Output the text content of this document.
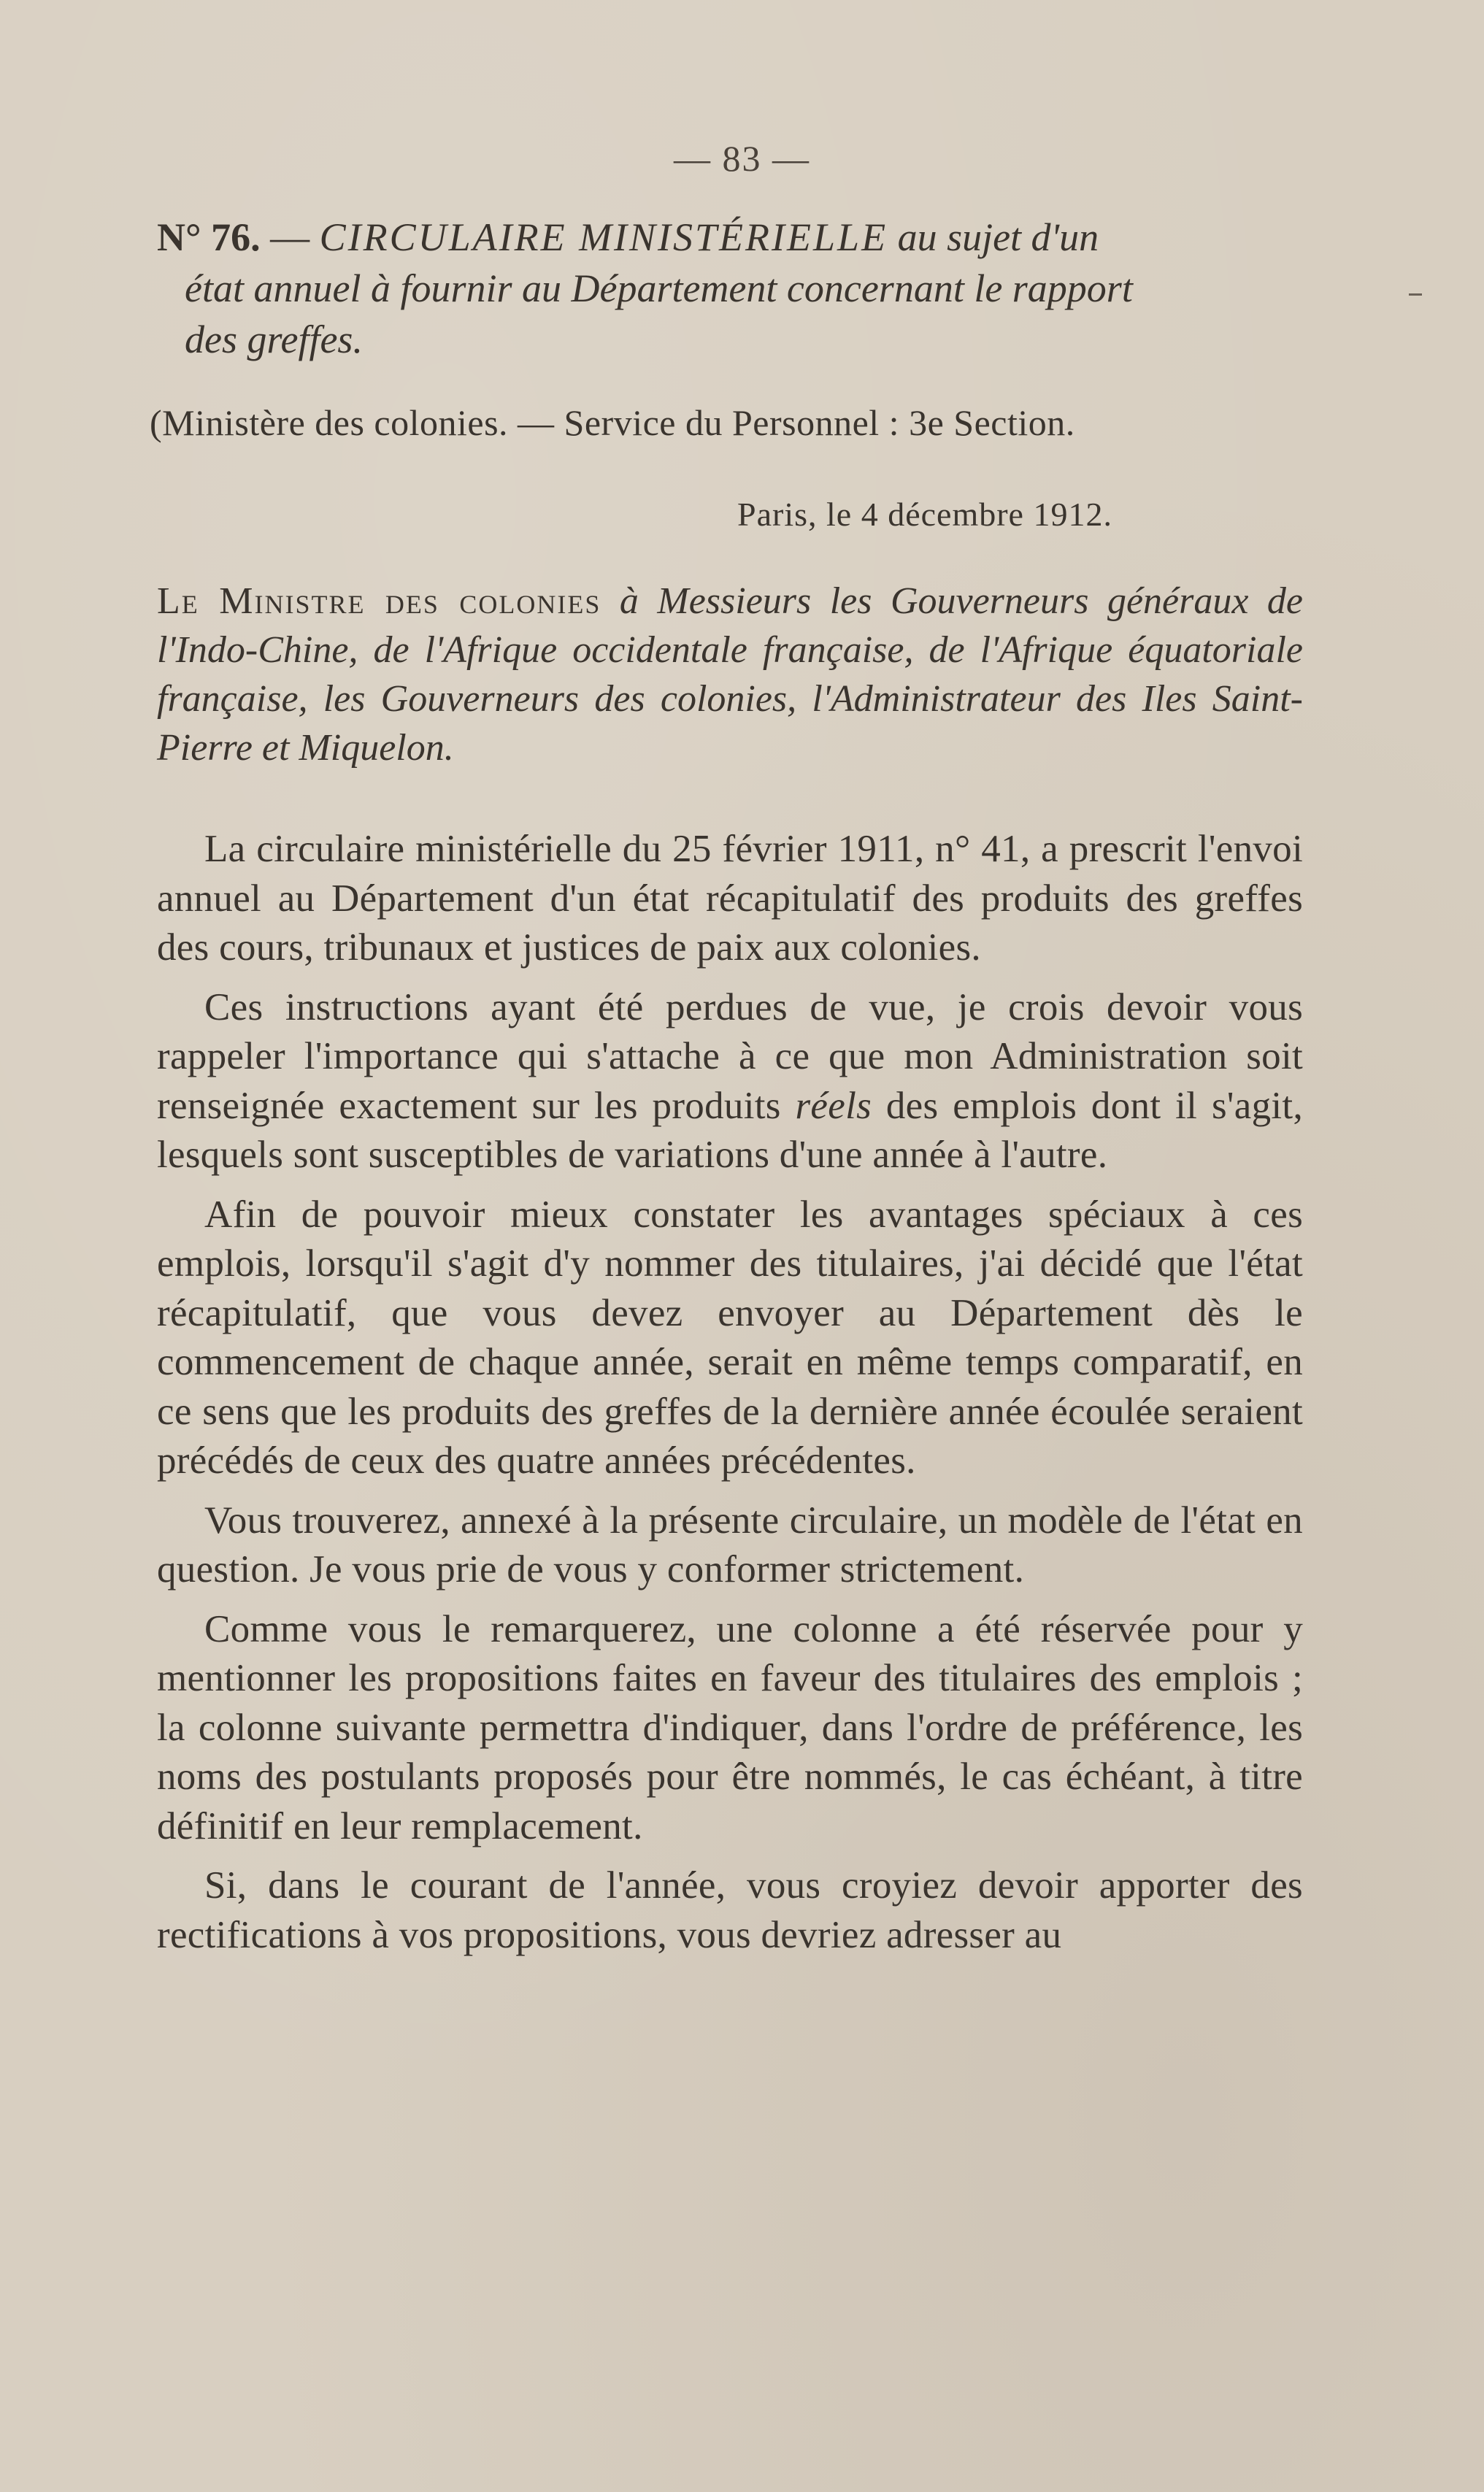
— 83 —
N° 76. — CIRCULAIRE MINISTÉRIELLE au sujet d'un
état annuel à fournir au Département concernant le rapport
des greffes.
(Ministère des colonies. — Service du Personnel : 3e Section.
Paris, le 4 décembre 1912.
Le Ministre des colonies à Messieurs les Gouverneurs généraux de l'Indo-Chine, de l'Afrique occidentale française, de l'Afrique équatoriale française, les Gouverneurs des colonies, l'Administrateur des Iles Saint-Pierre et Miquelon.

La circulaire ministérielle du 25 février 1911, n° 41, a prescrit l'envoi annuel au Département d'un état récapitulatif des produits des greffes des cours, tribunaux et justices de paix aux colonies.

Ces instructions ayant été perdues de vue, je crois devoir vous rappeler l'importance qui s'attache à ce que mon Administration soit renseignée exactement sur les produits réels des emplois dont il s'agit, lesquels sont susceptibles de variations d'une année à l'autre.

Afin de pouvoir mieux constater les avantages spéciaux à ces emplois, lorsqu'il s'agit d'y nommer des titulaires, j'ai décidé que l'état récapitulatif, que vous devez envoyer au Département dès le commencement de chaque année, serait en même temps comparatif, en ce sens que les produits des greffes de la dernière année écoulée seraient précédés de ceux des quatre années précédentes.

Vous trouverez, annexé à la présente circulaire, un modèle de l'état en question. Je vous prie de vous y conformer strictement.

Comme vous le remarquerez, une colonne a été réservée pour y mentionner les propositions faites en faveur des titulaires des emplois ; la colonne suivante permettra d'indiquer, dans l'ordre de préférence, les noms des postulants proposés pour être nommés, le cas échéant, à titre définitif en leur remplacement.

Si, dans le courant de l'année, vous croyiez devoir apporter des rectifications à vos propositions, vous devriez adresser au
